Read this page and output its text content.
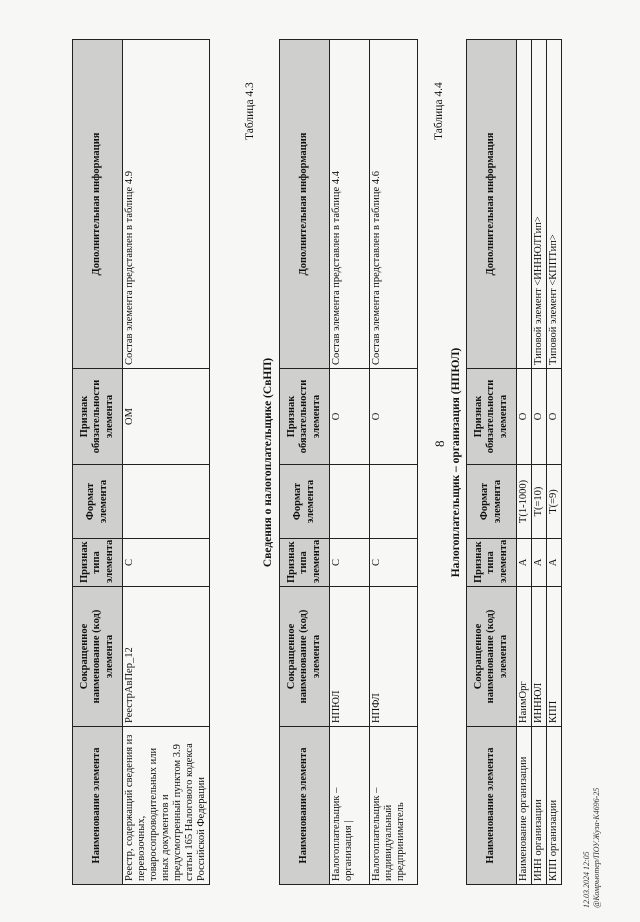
8
Наименование элемента	Сокращенное наименование (код) элемента	Признак типа элемента	Формат элемента	Признак обязательности элемента	Дополнительная информация
Реестр, содержащий сведения из перевозочных, товаросопроводительных или иных документов и предусмотренный пунктом 3.9 статьи 165 Налогового кодекса Российской Федерации	РеестрАвПер_12	С		ОМ	Состав элемента представлен в таблице 4.9
Таблица 4.3
Сведения о налогоплательщике (СвНП)
Наименование элемента	Сокращенное наименование (код) элемента	Признак типа элемента	Формат элемента	Признак обязательности элемента	Дополнительная информация
Налогоплательщик – организация |	НПЮЛ	С		О	Состав элемента представлен в таблице 4.4
Налогоплательщик – индивидуальный предприниматель	НПФЛ	С		О	Состав элемента представлен в таблице 4.6
Таблица 4.4
Налогоплательщик – организация (НПЮЛ)
Наименование элемента	Сокращенное наименование (код) элемента	Признак типа элемента	Формат элемента	Признак обязательности элемента	Дополнительная информация
Наименование организации	НаимОрг	А	T(1-1000)	О	
ИНН организации	ИННЮЛ	А	T(=10)	О	Типовой элемент <ИННЮЛТип>
КПП организации	КПП	А	T(=9)	О	Типовой элемент <КППТип>
12.03.2024 12:05 @Комрьютер/ПОУ.Жуза-К4696-25
